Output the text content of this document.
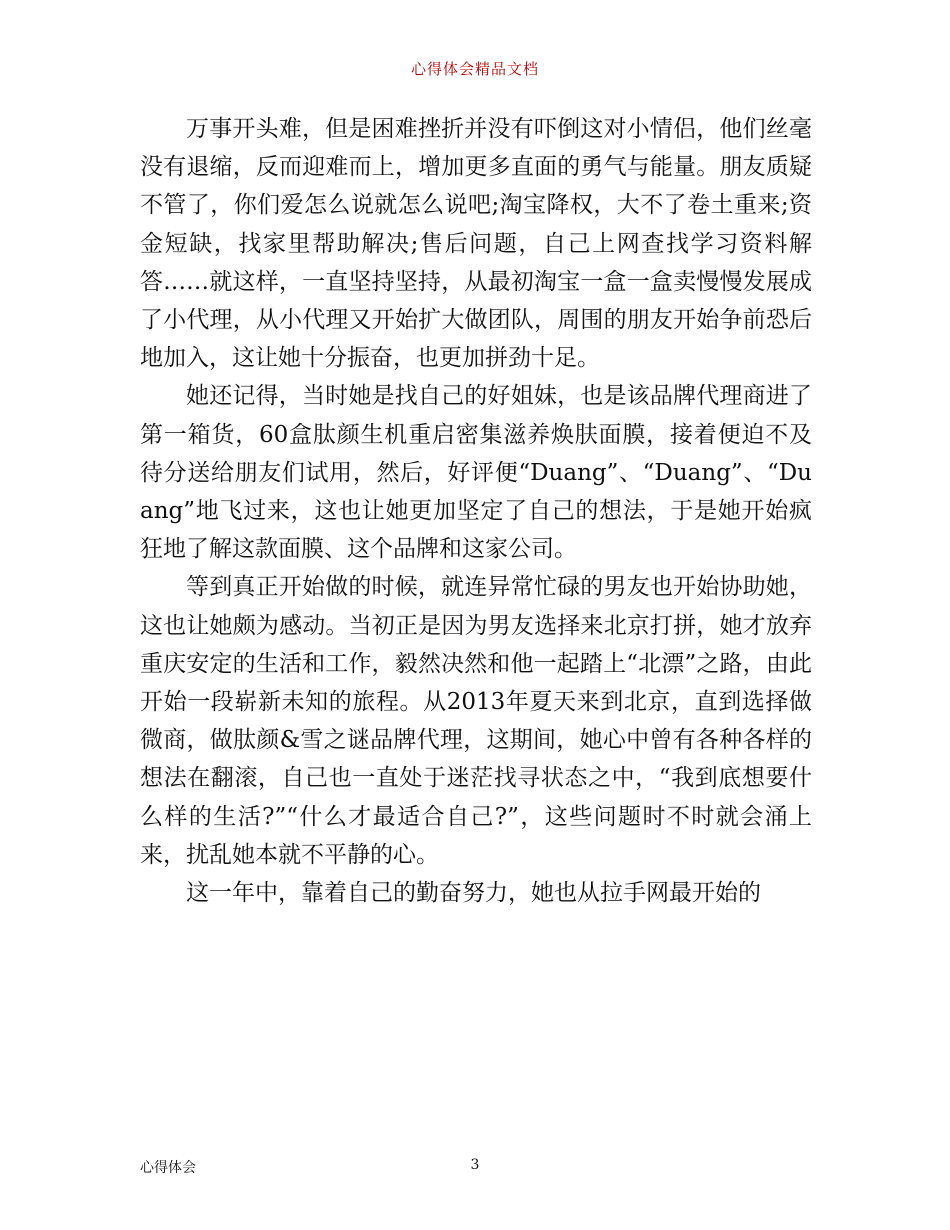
心得体会精品文档

万事开头难，但是困难挫折并没有吓倒这对小情侣，他们丝毫没有退缩，反而迎难而上，增加更多直面的勇气与能量。朋友质疑不管了，你们爱怎么说就怎么说吧;淘宝降权，大不了卷土重来;资金短缺，找家里帮助解决;售后问题，自己上网查找学习资料解答……就这样，一直坚持坚持，从最初淘宝一盒一盒卖慢慢发展成了小代理，从小代理又开始扩大做团队，周围的朋友开始争前恐后地加入，这让她十分振奋，也更加拼劲十足。

她还记得，当时她是找自己的好姐妹，也是该品牌代理商进了第一箱货，60盒肽颜生机重启密集滋养焕肤面膜，接着便迫不及待分送给朋友们试用，然后，好评便“Duang”、“Duang”、“Duang”地飞过来，这也让她更加坚定了自己的想法，于是她开始疯狂地了解这款面膜、这个品牌和这家公司。

等到真正开始做的时候，就连异常忙碌的男友也开始协助她，这也让她颇为感动。当初正是因为男友选择来北京打拼，她才放弃重庆安定的生活和工作，毅然决然和他一起踏上“北漂”之路，由此开始一段崭新未知的旅程。从2013年夏天来到北京，直到选择做微商，做肽颜&雪之谜品牌代理，这期间，她心中曾有各种各样的想法在翻滚，自己也一直处于迷茫找寻状态之中，“我到底想要什么样的生活?”“什么才最适合自己?”，这些问题时不时就会涌上来，扰乱她本就不平静的心。

这一年中，靠着自己的勤奋努力，她也从拉手网最开始的

心得体会	3
